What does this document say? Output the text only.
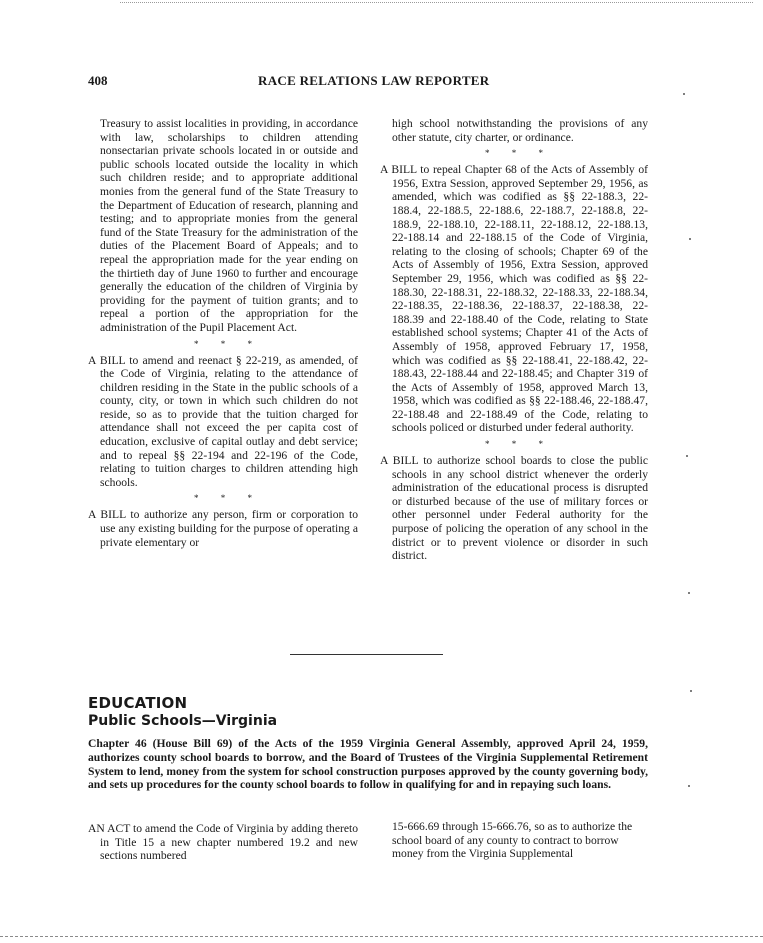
408	RACE RELATIONS LAW REPORTER

Treasury to assist localities in providing, in accordance with law, scholarships to children attending nonsectarian private schools located in or outside and public schools located outside the locality in which such children reside; and to appropriate additional monies from the general fund of the State Treasury to the Department of Education of research, planning and testing; and to appropriate monies from the general fund of the State Treasury for the administration of the duties of the Placement Board of Appeals; and to repeal the appropriation made for the year ending on the thirtieth day of June 1960 to further and encourage generally the education of the children of Virginia by providing for the payment of tuition grants; and to repeal a portion of the appropriation for the administration of the Pupil Placement Act.

* * *

A BILL to amend and reenact § 22-219, as amended, of the Code of Virginia, relating to the attendance of children residing in the State in the public schools of a county, city, or town in which such children do not reside, so as to provide that the tuition charged for attendance shall not exceed the per capita cost of education, exclusive of capital outlay and debt service; and to repeal §§ 22-194 and 22-196 of the Code, relating to tuition charges to children attending high schools.

* * *

A BILL to authorize any person, firm or corporation to use any existing building for the purpose of operating a private elementary or

high school notwithstanding the provisions of any other statute, city charter, or ordinance.

* * *

A BILL to repeal Chapter 68 of the Acts of Assembly of 1956, Extra Session, approved September 29, 1956, as amended, which was codified as §§ 22-188.3, 22-188.4, 22-188.5, 22-188.6, 22-188.7, 22-188.8, 22-188.9, 22-188.10, 22-188.11, 22-188.12, 22-188.13, 22-188.14 and 22-188.15 of the Code of Virginia, relating to the closing of schools; Chapter 69 of the Acts of Assembly of 1956, Extra Session, approved September 29, 1956, which was codified as §§ 22-188.30, 22-188.31, 22-188.32, 22-188.33, 22-188.34, 22-188.35, 22-188.36, 22-188.37, 22-188.38, 22-188.39 and 22-188.40 of the Code, relating to State established school systems; Chapter 41 of the Acts of Assembly of 1958, approved February 17, 1958, which was codified as §§ 22-188.41, 22-188.42, 22-188.43, 22-188.44 and 22-188.45; and Chapter 319 of the Acts of Assembly of 1958, approved March 13, 1958, which was codified as §§ 22-188.46, 22-188.47, 22-188.48 and 22-188.49 of the Code, relating to schools policed or disturbed under federal authority.

* * *

A BILL to authorize school boards to close the public schools in any school district whenever the orderly administration of the educational process is disrupted or disturbed because of the use of military forces or other personnel under Federal authority for the purpose of policing the operation of any school in the district or to prevent violence or disorder in such district.

EDUCATION
Public Schools—Virginia
Chapter 46 (House Bill 69) of the Acts of the 1959 Virginia General Assembly, approved April 24, 1959, authorizes county school boards to borrow, and the Board of Trustees of the Virginia Supplemental Retirement System to lend, money from the system for school construction purposes approved by the county governing body, and sets up procedures for the county school boards to follow in qualifying for and in repaying such loans.

AN ACT to amend the Code of Virginia by adding thereto in Title 15 a new chapter numbered 19.2 and new sections numbered

15-666.69 through 15-666.76, so as to authorize the school board of any county to contract to borrow money from the Virginia Supplemental
